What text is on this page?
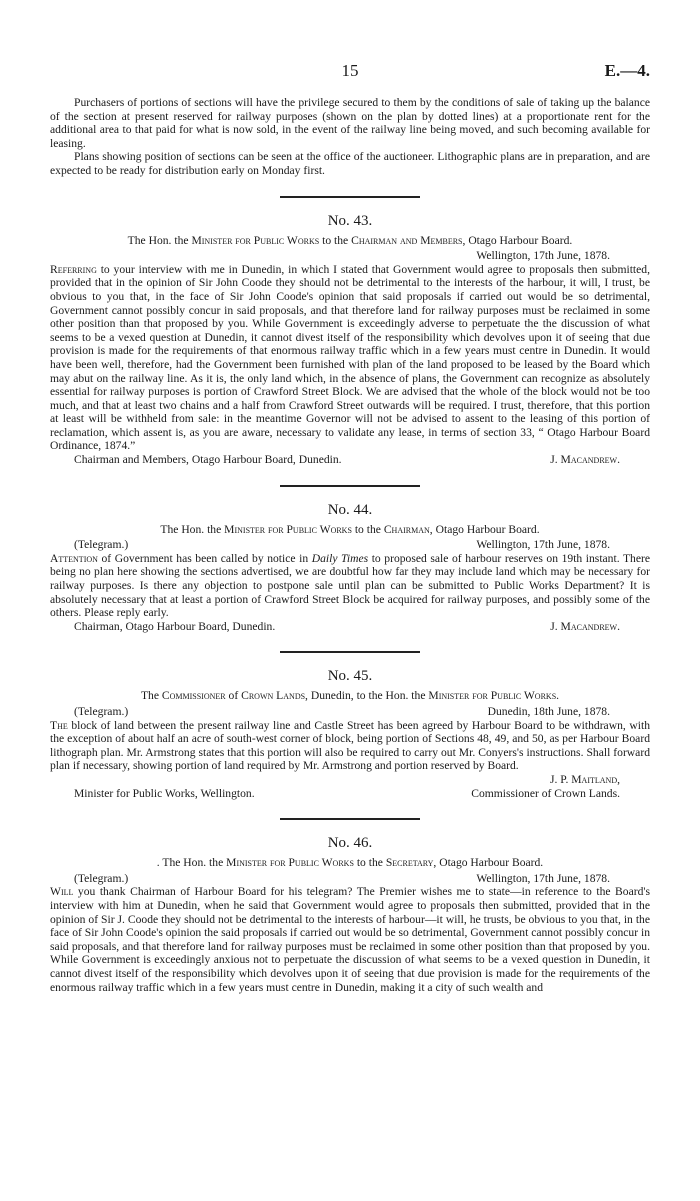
15	E.—4.

Purchasers of portions of sections will have the privilege secured to them by the conditions of sale of taking up the balance of the section at present reserved for railway purposes (shown on the plan by dotted lines) at a proportionate rent for the additional area to that paid for what is now sold, in the event of the railway line being moved, and such becoming available for leasing.

Plans showing position of sections can be seen at the office of the auctioneer. Lithographic plans are in preparation, and are expected to be ready for distribution early on Monday first.

No. 43.
The Hon. the Minister for Public Works to the Chairman and Members, Otago Harbour Board.
Wellington, 17th June, 1878.

Referring to your interview with me in Dunedin, in which I stated that Government would agree to proposals then submitted, provided that in the opinion of Sir John Coode they should not be detrimental to the interests of the harbour, it will, I trust, be obvious to you that, in the face of Sir John Coode's opinion that said proposals if carried out would be so detrimental, Government cannot possibly concur in said proposals, and that therefore land for railway purposes must be reclaimed in some other position than that proposed by you. While Government is exceedingly adverse to perpetuate the the discussion of what seems to be a vexed question at Dunedin, it cannot divest itself of the responsibility which devolves upon it of seeing that due provision is made for the requirements of that enormous railway traffic which in a few years must centre in Dunedin. It would have been well, therefore, had the Government been furnished with plan of the land proposed to be leased by the Board which may abut on the railway line. As it is, the only land which, in the absence of plans, the Government can recognize as absolutely essential for railway purposes is portion of Crawford Street Block. We are advised that the whole of the block would not be too much, and that at least two chains and a half from Crawford Street outwards will be required. I trust, therefore, that this portion at least will be withheld from sale: in the meantime Governor will not be advised to assent to the leasing of this portion of reclamation, which assent is, as you are aware, necessary to validate any lease, in terms of section 33, “ Otago Harbour Board Ordinance, 1874.”

Chairman and Members, Otago Harbour Board, Dunedin.	J. Macandrew.
No. 44.
The Hon. the Minister for Public Works to the Chairman, Otago Harbour Board.
(Telegram.)	Wellington, 17th June, 1878.

Attention of Government has been called by notice in Daily Times to proposed sale of harbour reserves on 19th instant. There being no plan here showing the sections advertised, we are doubtful how far they may include land which may be necessary for railway purposes. Is there any objection to postpone sale until plan can be submitted to Public Works Department? It is absolutely necessary that at least a portion of Crawford Street Block be acquired for railway purposes, and possibly some of the others. Please reply early.

Chairman, Otago Harbour Board, Dunedin.	J. Macandrew.
No. 45.
The Commissioner of Crown Lands, Dunedin, to the Hon. the Minister for Public Works.
(Telegram.)	Dunedin, 18th June, 1878.

The block of land between the present railway line and Castle Street has been agreed by Harbour Board to be withdrawn, with the exception of about half an acre of south-west corner of block, being portion of Sections 48, 49, and 50, as per Harbour Board lithograph plan. Mr. Armstrong states that this portion will also be required to carry out Mr. Conyers's instructions. Shall forward plan if necessary, showing portion of land required by Mr. Armstrong and portion reserved by Board.

J. P. Maitland,
Minister for Public Works, Wellington.	Commissioner of Crown Lands.
No. 46.
. The Hon. the Minister for Public Works to the Secretary, Otago Harbour Board.
(Telegram.)	Wellington, 17th June, 1878.

Will you thank Chairman of Harbour Board for his telegram? The Premier wishes me to state—in reference to the Board's interview with him at Dunedin, when he said that Government would agree to proposals then submitted, provided that in the opinion of Sir J. Coode they should not be detrimental to the interests of harbour—it will, he trusts, be obvious to you that, in the face of Sir John Coode's opinion the said proposals if carried out would be so detrimental, Government cannot possibly concur in said proposals, and that therefore land for railway purposes must be reclaimed in some other position than that proposed by you. While Government is exceedingly anxious not to perpetuate the discussion of what seems to be a vexed question in Dunedin, it cannot divest itself of the responsibility which devolves upon it of seeing that due provision is made for the requirements of the enormous railway traffic which in a few years must centre in Dunedin, making it a city of such wealth and
